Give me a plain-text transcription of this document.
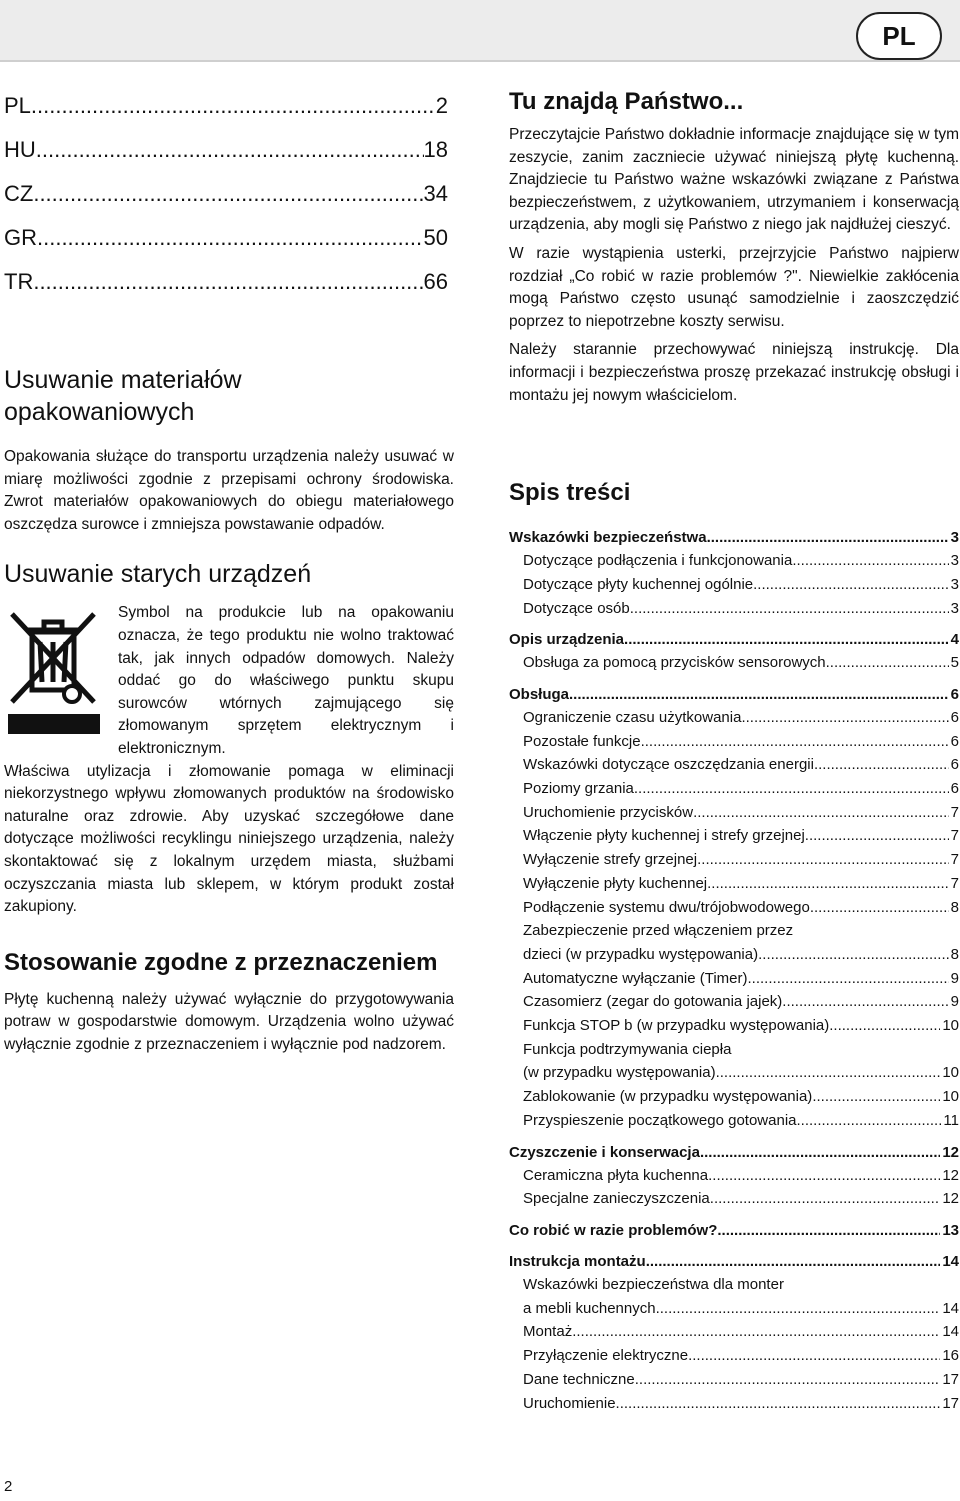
PL
PL .....	2
HU .....	18
CZ .....	34
GR .....	50
TR .....	66
Usuwanie materiałów
opakowaniowych

Opakowania służące do transportu urządzenia należy usuwać w miarę możliwości zgodnie z przepisami ochrony środowiska. Zwrot materiałów opakowaniowych do obiegu materiałowego oszczędza surowce i zmniejsza powstawanie odpadów.

Usuwanie starych urządzeń

Symbol na produkcie lub na opakowaniu oznacza, że tego produktu nie wolno traktować tak, jak innych odpadów domowych. Należy oddać go do właściwego punktu skupu surowców wtórnych zajmującego się złomowanym sprzętem elektrycznym i elektronicznym.

Właściwa utylizacja i złomowanie pomaga w eliminacji niekorzystnego wpływu złomowanych produktów na środowisko naturalne oraz zdrowie. Aby uzyskać szczegółowe dane dotyczące możliwości recyklingu niniejszego urządzenia, należy skontaktować się z lokalnym urzędem miasta, służbami oczyszczania miasta lub sklepem, w którym produkt został zakupiony.

Stosowanie zgodne z przeznaczeniem

Płytę kuchenną należy używać wyłącznie do przygotowywania potraw w gospodarstwie domowym. Urządzenia wolno używać wyłącznie zgodnie z przeznaczeniem i wyłącznie pod nadzorem.

Tu znajdą Państwo...

Przeczytajcie Państwo dokładnie informacje znajdujące się w tym zeszycie, zanim zaczniecie używać niniejszą płytę kuchenną. Znajdziecie tu Państwo ważne wskazówki związane z Państwa bezpieczeństwem, z użytkowaniem, utrzymaniem i konserwacją urządzenia, aby mogli się Państwo z niego jak najdłużej cieszyć.

W razie wystąpienia usterki, przejrzyjcie Państwo najpierw rozdział „Co robić w razie problemów ?". Niewielkie zakłócenia mogą Państwo często usunąć samodzielnie i zaoszczędzić poprzez to niepotrzebne koszty serwisu.

Należy starannie przechowywać niniejszą instrukcję. Dla informacji i bezpieczeństwa proszę przekazać instrukcję obsługi i montażu jej nowym właścicielom.

Spis treści
Wskazówki bezpieczeństwa .....	3
Dotyczące podłączenia i funkcjonowania .....	3
Dotyczące płyty kuchennej ogólnie .....	3
Dotyczące osób .....	3
Opis urządzenia .....	4
Obsługa za pomocą przycisków sensorowych .....	5
Obsługa .....	6
Ograniczenie czasu użytkowania .....	6
Pozostałe funkcje .....	6
Wskazówki dotyczące oszczędzania energii .....	6
Poziomy grzania .....	6
Uruchomienie przycisków .....	7
Włączenie płyty kuchennej i strefy grzejnej .....	7
Wyłączenie strefy grzejnej .....	7
Wyłączenie płyty kuchennej .....	7
Podłączenie systemu dwu/trójobwodowego .....	8
Zabezpieczenie przed włączeniem przez
dzieci (w przypadku występowania) .....	8
Automatyczne wyłączanie (Timer) .....	9
Czasomierz (zegar do gotowania jajek) .....	9
Funkcja STOP b (w przypadku występowania) .....	10
Funkcja podtrzymywania ciepła
(w przypadku występowania) .....	10
Zablokowanie (w przypadku występowania) .....	10
Przyspieszenie początkowego gotowania .....	11
Czyszczenie i konserwacja .....	12
Ceramiczna płyta kuchenna .....	12
Specjalne zanieczyszczenia .....	12
Co robić w razie problemów? .....	13
Instrukcja montażu .....	14
Wskazówki bezpieczeństwa dla monter
a mebli kuchennych .....	14
Montaż .....	14
Przyłączenie elektryczne .....	16
Dane techniczne .....	17
Uruchomienie .....	17
2
